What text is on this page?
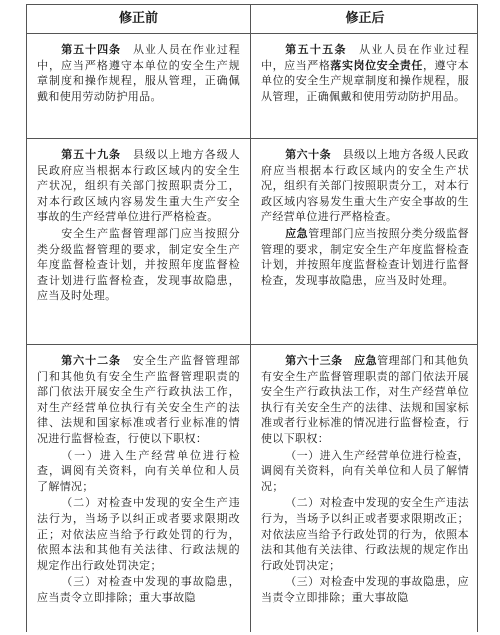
修正前	修正后

第五十四条　 从业人员在作业过程中，应当严格遵守本单位的安全生产规章制度和操作规程，服从管理，正确佩戴和使用劳动防护用品。

第五十五条　 从业人员在作业过程中，应当严格落实岗位安全责任，遵守本单位的安全生产规章制度和操作规程，服从管理，正确佩戴和使用劳动防护用品。

第五十九条　 县级以上地方各级人民政府应当根据本行政区域内的安全生产状况，组织有关部门按照职责分工，对本行政区域内容易发生重大生产安全事故的生产经营单位进行严格检查。

安全生产监督管理部门应当按照分类分级监督管理的要求，制定安全生产年度监督检查计划，并按照年度监督检查计划进行监督检查，发现事故隐患，应当及时处理。

第六十条　 县级以上地方各级人民政府应当根据本行政区域内的安全生产状况，组织有关部门按照职责分工，对本行政区域内容易发生重大生产安全事故的生产经营单位进行严格检查。

应急管理部门应当按照分类分级监督管理的要求，制定安全生产年度监督检查计划，并按照年度监督检查计划进行监督检查，发现事故隐患，应当及时处理。

第六十二条　 安全生产监督管理部门和其他负有安全生产监督管理职责的部门依法开展安全生产行政执法工作，对生产经营单位执行有关安全生产的法律、法规和国家标准或者行业标准的情况进行监督检查，行使以下职权：

（一）进入生产经营单位进行检查，调阅有关资料，向有关单位和人员了解情况；

（二）对检查中发现的安全生产违法行为，当场予以纠正或者要求限期改正；对依法应当给予行政处罚的行为，依照本法和其他有关法律、行政法规的规定作出行政处罚决定；

（三）对检查中发现的事故隐患，应当责令立即排除；重大事故隐

第六十三条　 应急管理部门和其他负有安全生产监督管理职责的部门依法开展安全生产行政执法工作，对生产经营单位执行有关安全生产的法律、法规和国家标准或者行业标准的情况进行监督检查，行使以下职权：

（一）进入生产经营单位进行检查，调阅有关资料，向有关单位和人员了解情况；

（二）对检查中发现的安全生产违法行为，当场予以纠正或者要求限期改正；对依法应当给予行政处罚的行为，依照本法和其他有关法律、行政法规的规定作出行政处罚决定；

（三）对检查中发现的事故隐患，应当责令立即排除；重大事故隐
